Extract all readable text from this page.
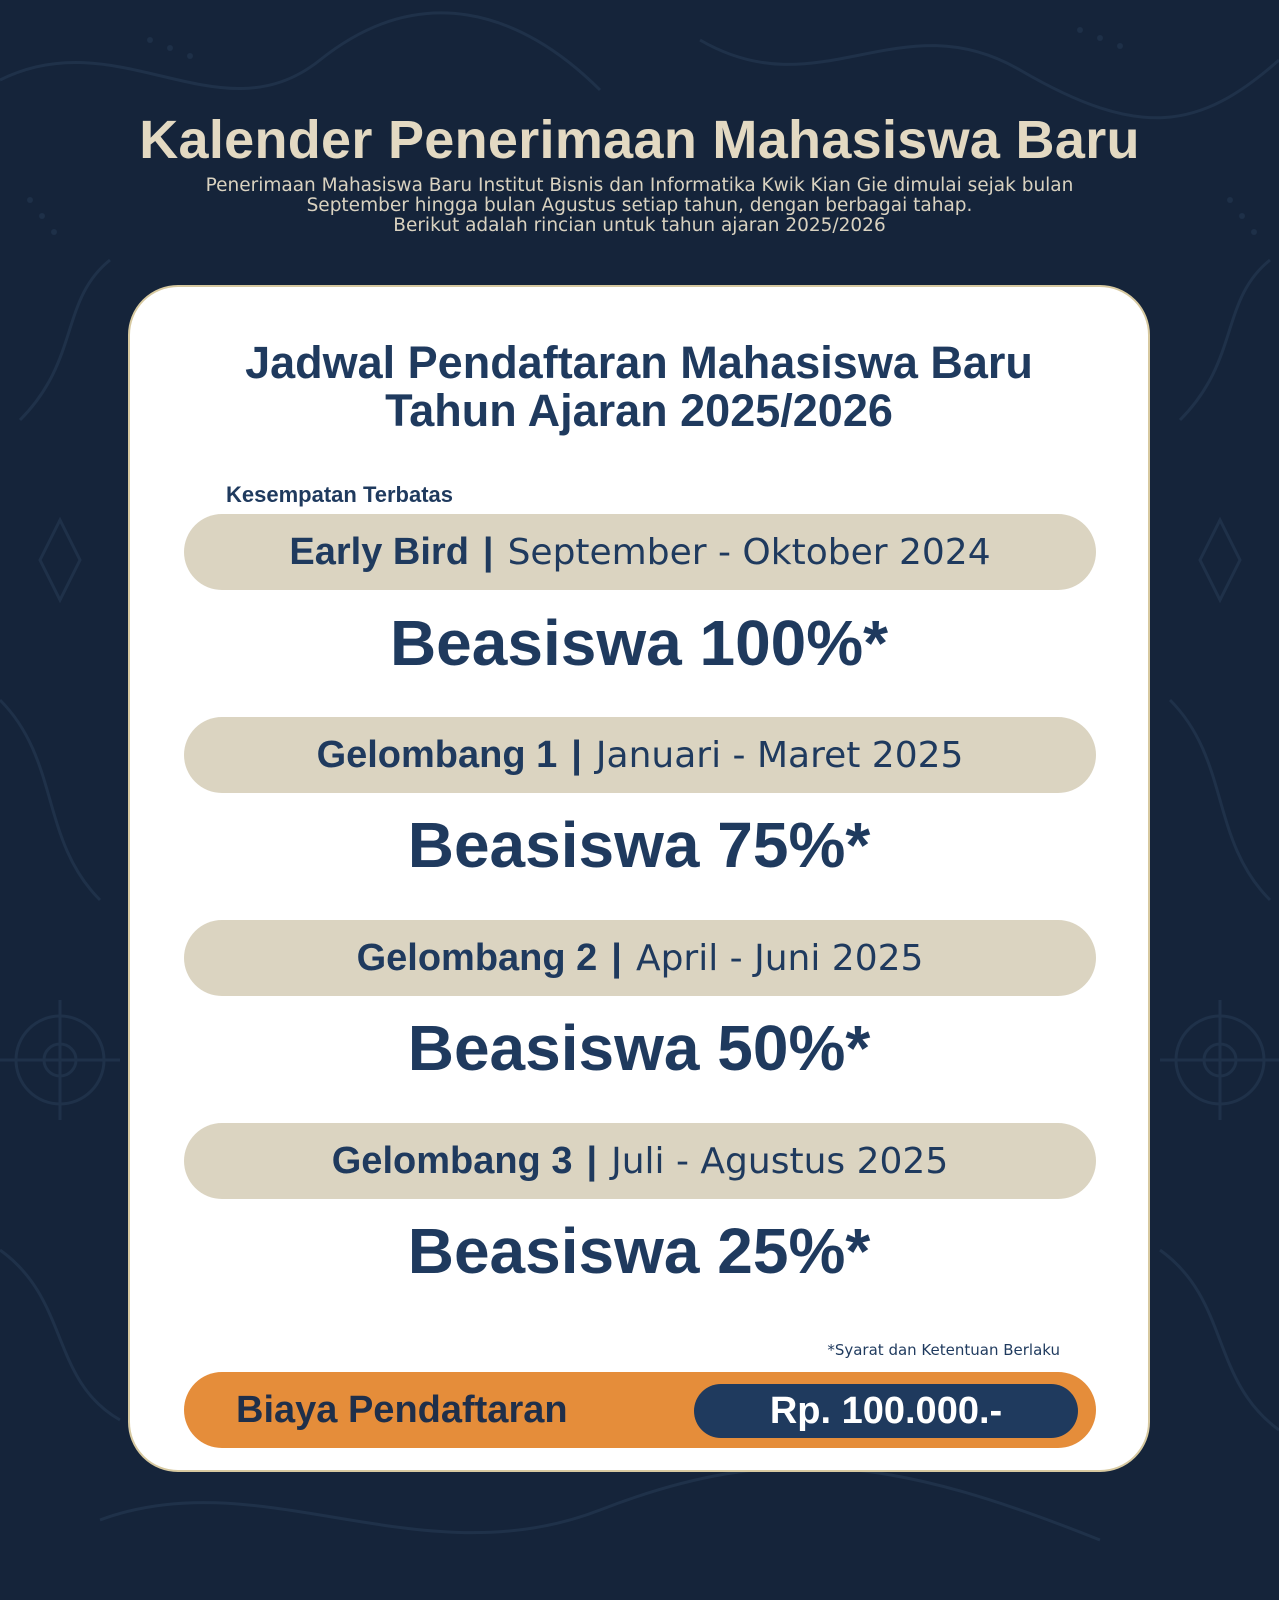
Kalender Penerimaan Mahasiswa Baru
Penerimaan Mahasiswa Baru Institut Bisnis dan Informatika Kwik Kian Gie dimulai sejak bulan
September hingga bulan Agustus setiap tahun, dengan berbagai tahap.
Berikut adalah rincian untuk tahun ajaran 2025/2026
Jadwal Pendaftaran Mahasiswa Baru
Tahun Ajaran 2025/2026
Kesempatan Terbatas
Early Bird | September - Oktober 2024
Beasiswa 100%*
Gelombang 1 | Januari - Maret 2025
Beasiswa 75%*
Gelombang 2 | April - Juni 2025
Beasiswa 50%*
Gelombang 3 | Juli - Agustus 2025
Beasiswa 25%*
*Syarat dan Ketentuan Berlaku
Biaya Pendaftaran	Rp. 100.000.-
